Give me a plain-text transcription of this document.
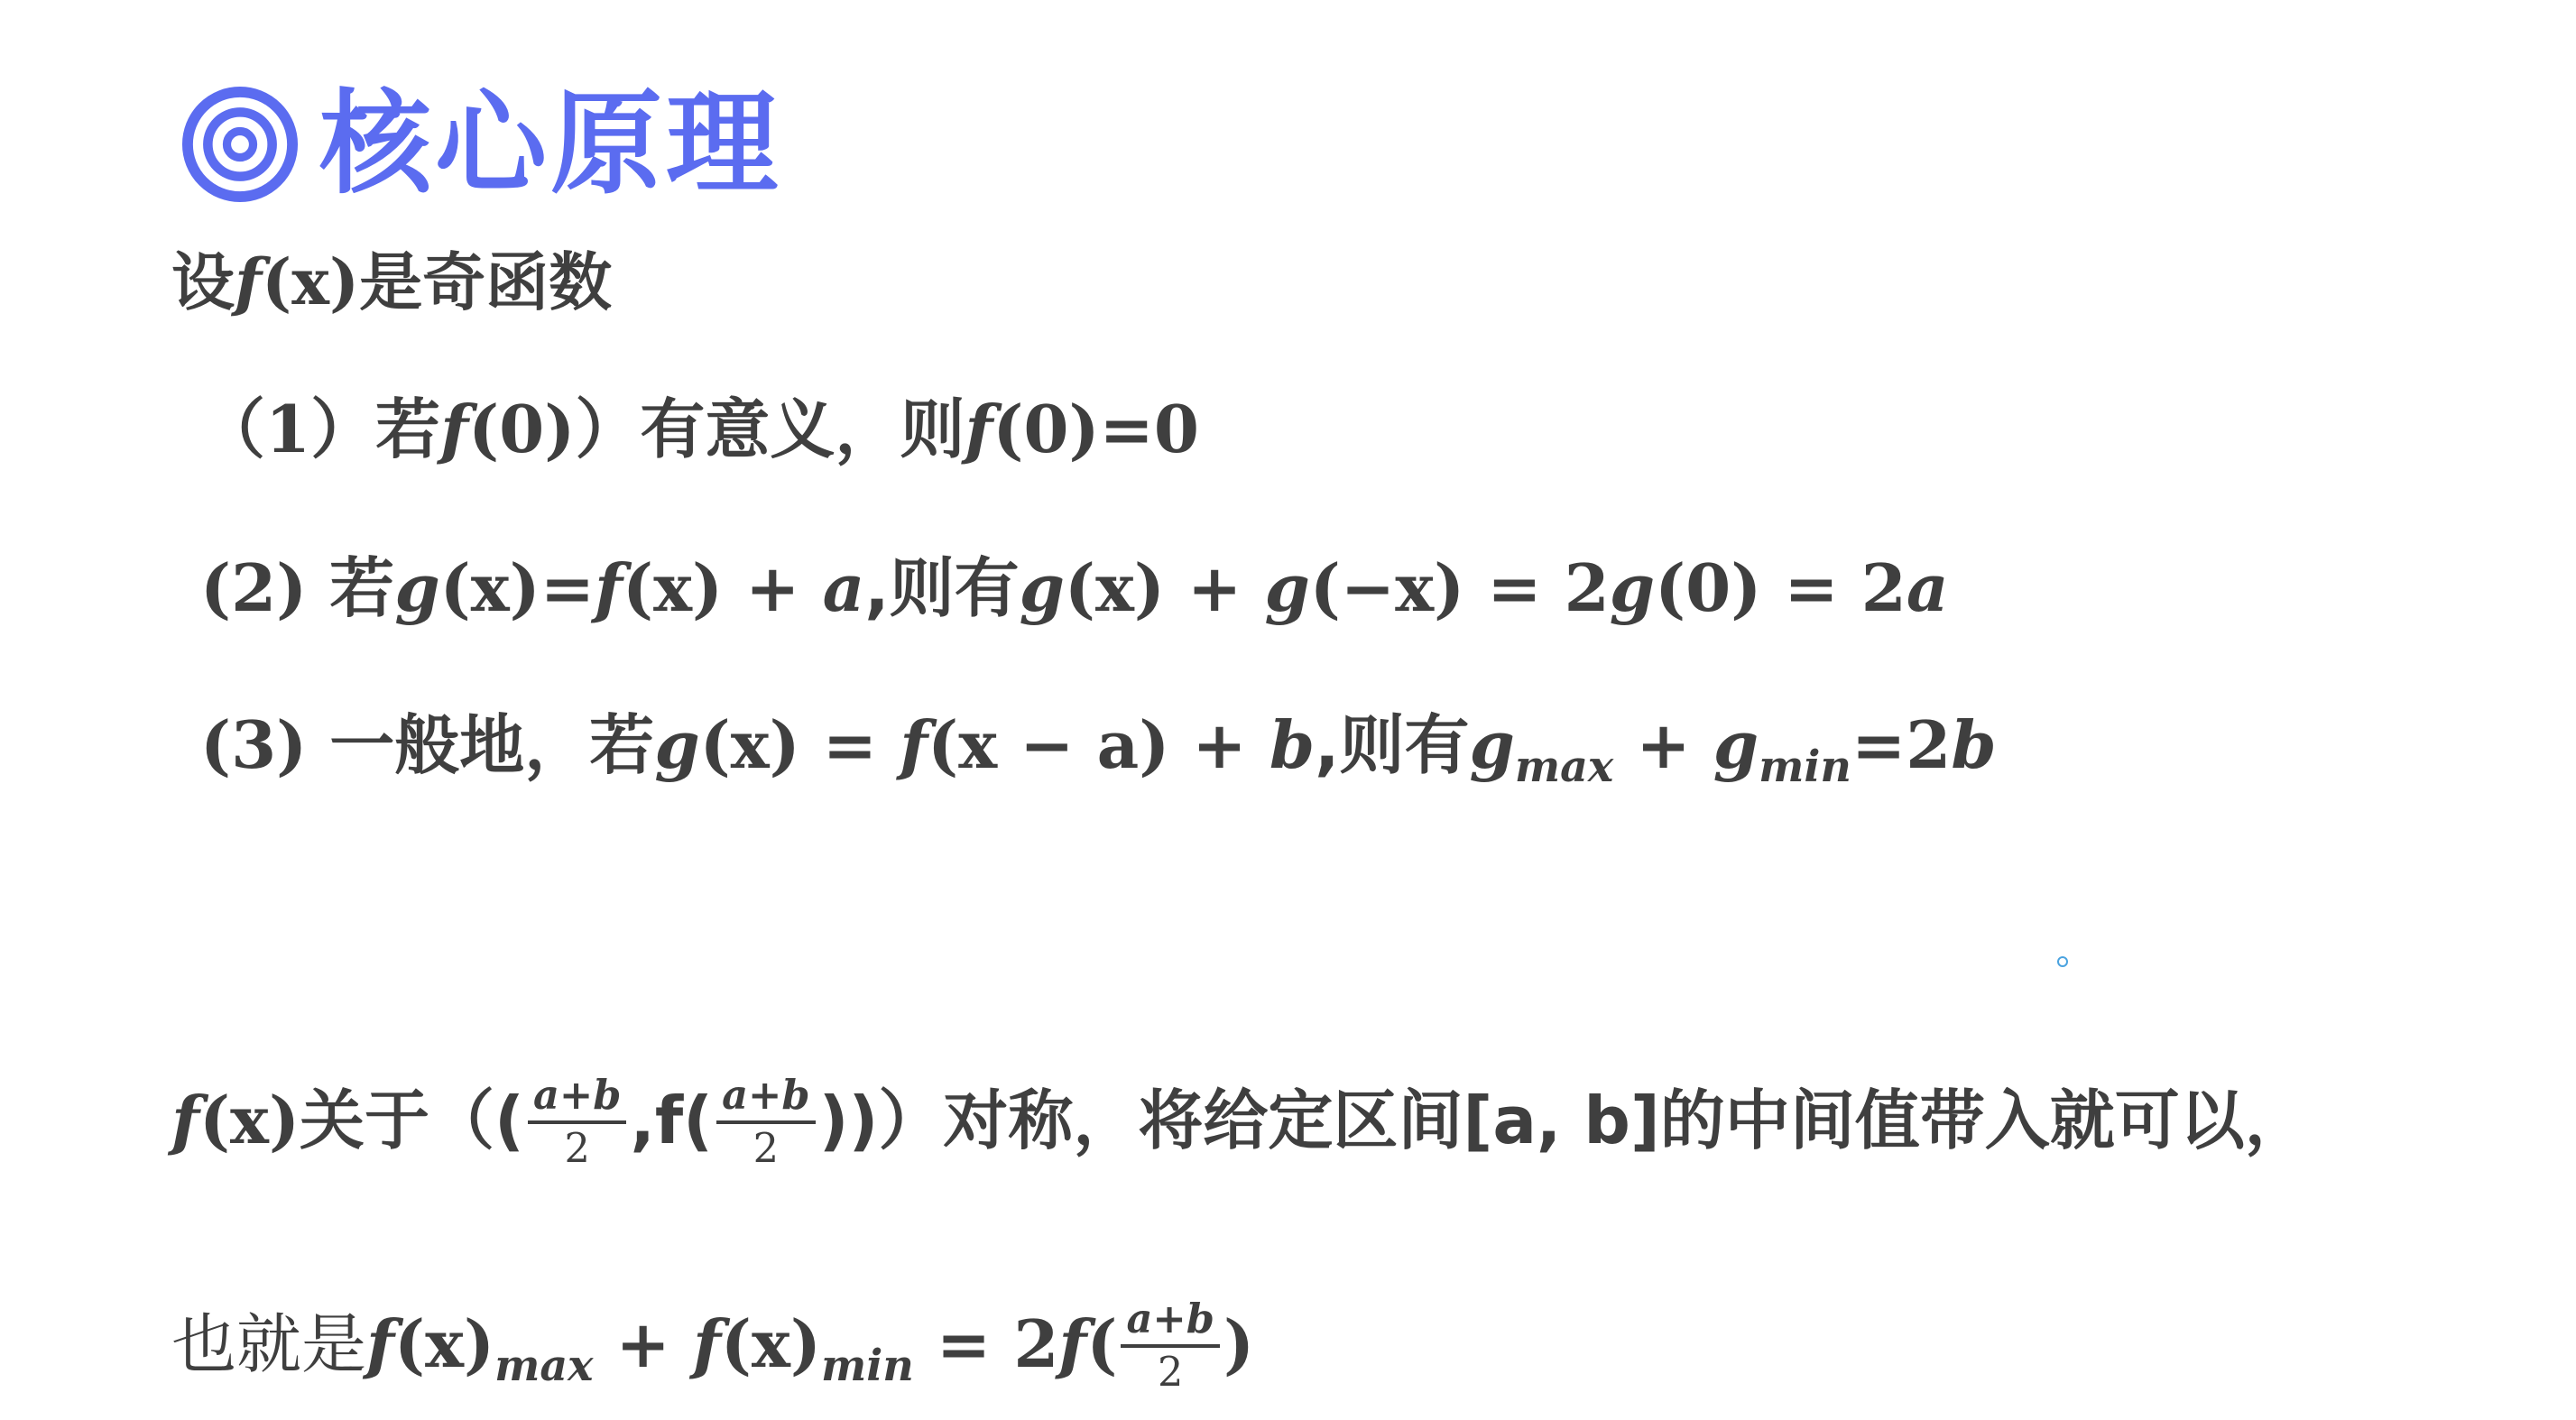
核心原理
设f(x)是奇函数
（1）若f(0)）有意义，则f(0)=0
(2) 若g(x)=f(x) + a,则有g(x) + g(−x) = 2g(0) = 2a
(3) 一般地，若g(x) = f(x − a) + b,则有$g_{max} + g_{min}=2b$
f(x)关于（( $\frac{a+b}{2} ,f( \frac{a+b}{2}$ ))）对称，将给定区间[a, b]的中间值带入就可以，
也就是$f(x)_{max} + f(x)_{min} = 2f( \frac{a+b}{2}$ )
